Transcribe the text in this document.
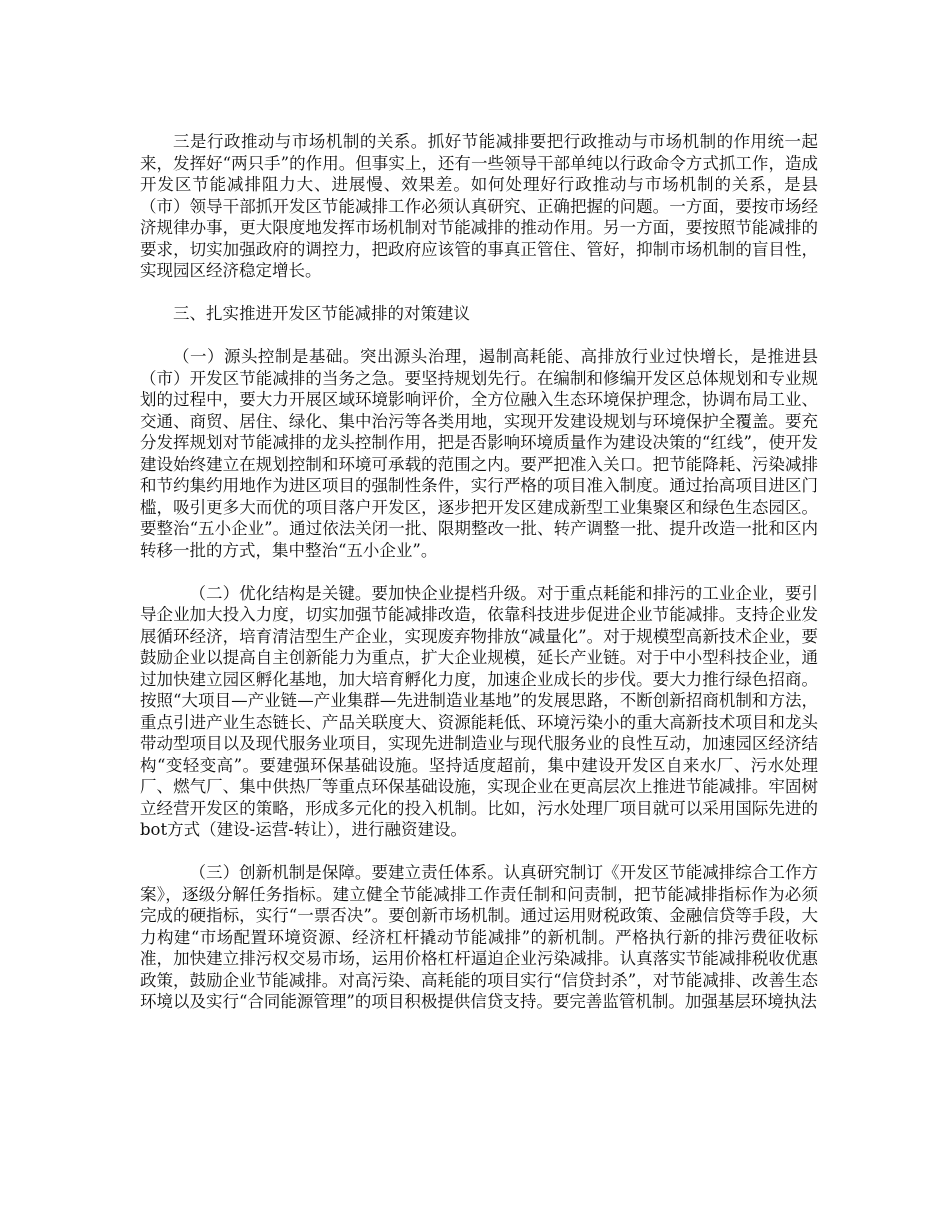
三是行政推动与市场机制的关系。抓好节能减排要把行政推动与市场机制的作用统一起来，发挥好“两只手”的作用。但事实上，还有一些领导干部单纯以行政命令方式抓工作，造成开发区节能减排阻力大、进展慢、效果差。如何处理好行政推动与市场机制的关系，是县（市）领导干部抓开发区节能减排工作必须认真研究、正确把握的问题。一方面，要按市场经济规律办事，更大限度地发挥市场机制对节能减排的推动作用。另一方面，要按照节能减排的要求，切实加强政府的调控力，把政府应该管的事真正管住、管好，抑制市场机制的盲目性，实现园区经济稳定增长。

三、扎实推进开发区节能减排的对策建议

（一）源头控制是基础。突出源头治理，遏制高耗能、高排放行业过快增长，是推进县（市）开发区节能减排的当务之急。要坚持规划先行。在编制和修编开发区总体规划和专业规划的过程中，要大力开展区域环境影响评价，全方位融入生态环境保护理念，协调布局工业、交通、商贸、居住、绿化、集中治污等各类用地，实现开发建设规划与环境保护全覆盖。要充分发挥规划对节能减排的龙头控制作用，把是否影响环境质量作为建设决策的“红线”，使开发建设始终建立在规划控制和环境可承载的范围之内。要严把准入关口。把节能降耗、污染减排和节约集约用地作为进区项目的强制性条件，实行严格的项目准入制度。通过抬高项目进区门槛，吸引更多大而优的项目落户开发区，逐步把开发区建成新型工业集聚区和绿色生态园区。要整治“五小企业”。通过依法关闭一批、限期整改一批、转产调整一批、提升改造一批和区内转移一批的方式，集中整治“五小企业”。

（二）优化结构是关键。要加快企业提档升级。对于重点耗能和排污的工业企业，要引导企业加大投入力度，切实加强节能减排改造，依靠科技进步促进企业节能减排。支持企业发展循环经济，培育清洁型生产企业，实现废弃物排放“减量化”。对于规模型高新技术企业，要鼓励企业以提高自主创新能力为重点，扩大企业规模，延长产业链。对于中小型科技企业，通过加快建立园区孵化基地，加大培育孵化力度，加速企业成长的步伐。要大力推行绿色招商。按照“大项目—产业链—产业集群—先进制造业基地”的发展思路，不断创新招商机制和方法，重点引进产业生态链长、产品关联度大、资源能耗低、环境污染小的重大高新技术项目和龙头带动型项目以及现代服务业项目，实现先进制造业与现代服务业的良性互动，加速园区经济结构“变轻变高”。要建强环保基础设施。坚持适度超前，集中建设开发区自来水厂、污水处理厂、燃气厂、集中供热厂等重点环保基础设施，实现企业在更高层次上推进节能减排。牢固树立经营开发区的策略，形成多元化的投入机制。比如，污水处理厂项目就可以采用国际先进的bot方式（建设-运营-转让），进行融资建设。

（三）创新机制是保障。要建立责任体系。认真研究制订《开发区节能减排综合工作方案》，逐级分解任务指标。建立健全节能减排工作责任制和问责制，把节能减排指标作为必须完成的硬指标，实行“一票否决”。要创新市场机制。通过运用财税政策、金融信贷等手段，大力构建“市场配置环境资源、经济杠杆撬动节能减排”的新机制。严格执行新的排污费征收标准，加快建立排污权交易市场，运用价格杠杆逼迫企业污染减排。认真落实节能减排税收优惠政策，鼓励企业节能减排。对高污染、高耗能的项目实行“信贷封杀”，对节能减排、改善生态环境以及实行“合同能源管理”的项目积极提供信贷支持。要完善监管机制。加强基层环境执法
